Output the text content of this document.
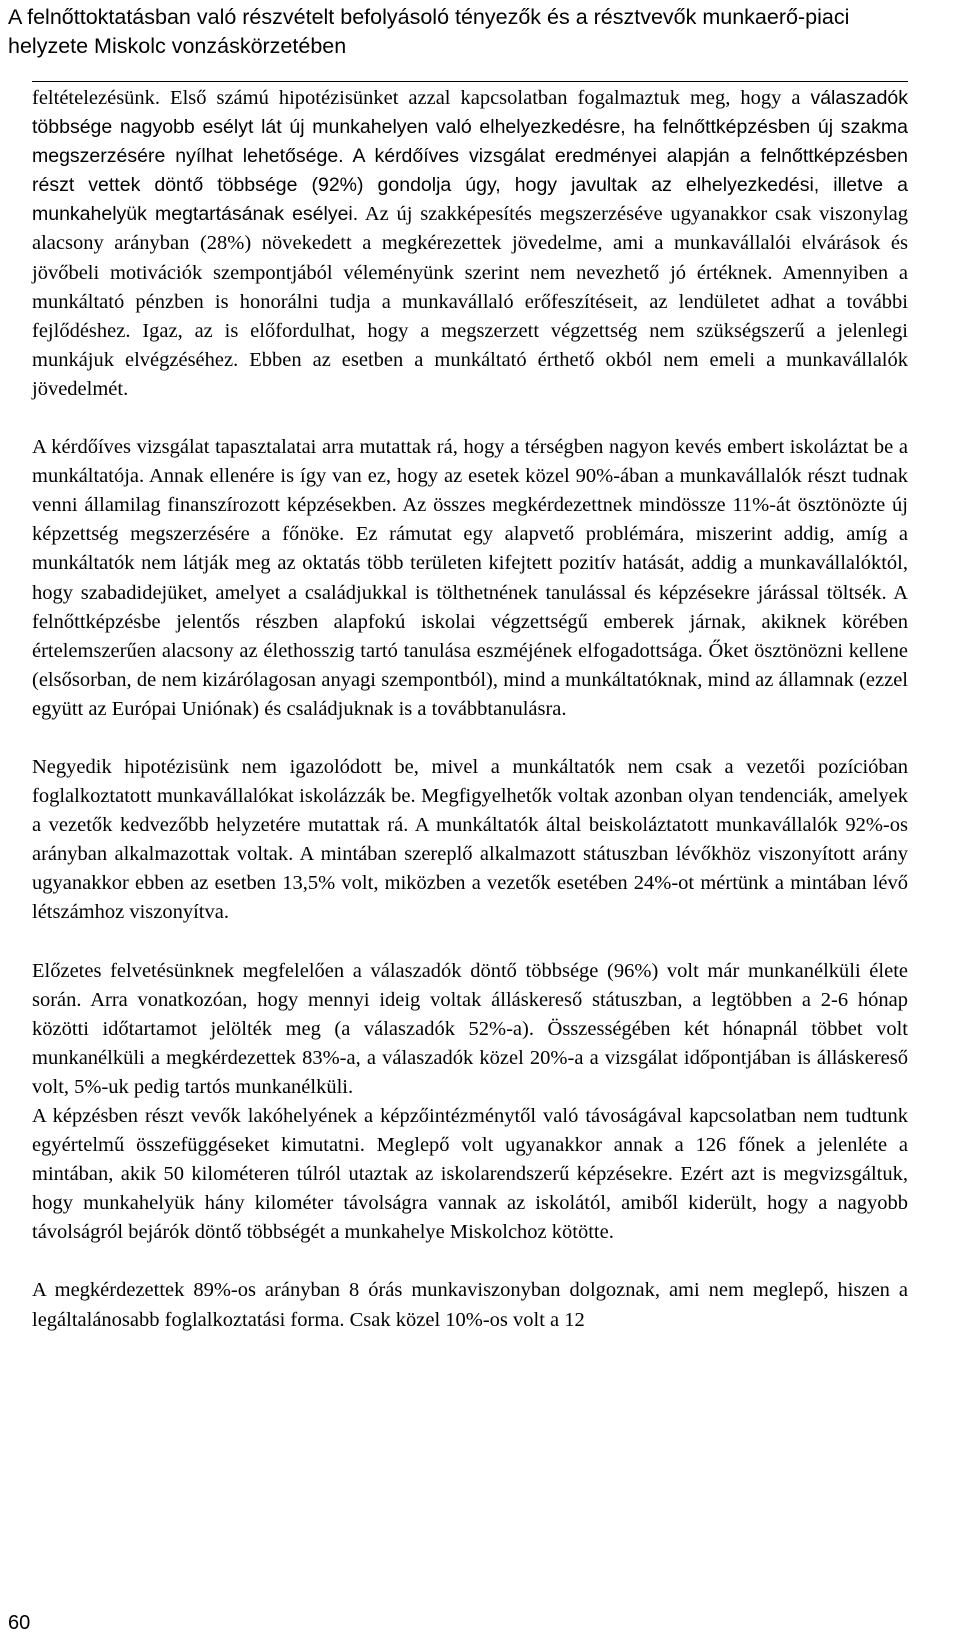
A felnőttoktatásban való részvételt befolyásoló tényezők és a résztvevők munkaerő-piaci helyzete Miskolc vonzáskörzetében

feltételezésünk. Első számú hipotézisünket azzal kapcsolatban fogalmaztuk meg, hogy a válaszadók többsége nagyobb esélyt lát új munkahelyen való elhelyezkedésre, ha felnőttképzésben új szakma megszerzésére nyílhat lehetősége. A kérdőíves vizsgálat eredményei alapján a felnőttképzésben részt vettek döntő többsége (92%) gondolja úgy, hogy javultak az elhelyezkedési, illetve a munkahelyük megtartásának esélyei. Az új szakképesítés megszerzéséve ugyanakkor csak viszonylag alacsony arányban (28%) növekedett a megkérezettek jövedelme, ami a munkavállalói elvárások és jövőbeli motivációk szempontjából véleményünk szerint nem nevezhető jó értéknek. Amennyiben a munkáltató pénzben is honorálni tudja a munkavállaló erőfeszítéseit, az lendületet adhat a további fejlődéshez. Igaz, az is előfordulhat, hogy a megszerzett végzettség nem szükségszerű a jelenlegi munkájuk elvégzéséhez. Ebben az esetben a munkáltató érthető okból nem emeli a munkavállalók jövedelmét.

A kérdőíves vizsgálat tapasztalatai arra mutattak rá, hogy a térségben nagyon kevés embert iskoláztat be a munkáltatója. Annak ellenére is így van ez, hogy az esetek közel 90%-ában a munkavállalók részt tudnak venni államilag finanszírozott képzésekben. Az összes megkérdezettnek mindössze 11%-át ösztönözte új képzettség megszerzésére a főnöke. Ez rámutat egy alapvető problémára, miszerint addig, amíg a munkáltatók nem látják meg az oktatás több területen kifejtett pozitív hatását, addig a munkavállalóktól, hogy szabadidejüket, amelyet a családjukkal is tölthetnének tanulással és képzésekre járással töltsék. A felnőttképzésbe jelentős részben alapfokú iskolai végzettségű emberek járnak, akiknek körében értelemszerűen alacsony az élethosszig tartó tanulása eszméjének elfogadottsága. Őket ösztönözni kellene (elsősorban, de nem kizárólagosan anyagi szempontból), mind a munkáltatóknak, mind az államnak (ezzel együtt az Európai Uniónak) és családjuknak is a továbbtanulásra.

Negyedik hipotézisünk nem igazolódott be, mivel a munkáltatók nem csak a vezetői pozícióban foglalkoztatott munkavállalókat iskolázzák be. Megfigyelhetők voltak azonban olyan tendenciák, amelyek a vezetők kedvezőbb helyzetére mutattak rá. A munkáltatók által beiskoláztatott munkavállalók 92%-os arányban alkalmazottak voltak. A mintában szereplő alkalmazott státuszban lévőkhöz viszonyított arány ugyanakkor ebben az esetben 13,5% volt, miközben a vezetők esetében 24%-ot mértünk a mintában lévő létszámhoz viszonyítva.

Előzetes felvetésünknek megfelelően a válaszadók döntő többsége (96%) volt már munkanélküli élete során. Arra vonatkozóan, hogy mennyi ideig voltak álláskereső státuszban, a legtöbben a 2-6 hónap közötti időtartamot jelölték meg (a válaszadók 52%-a). Összességében két hónapnál többet volt munkanélküli a megkérdezettek 83%-a, a válaszadók közel 20%-a a vizsgálat időpontjában is álláskereső volt, 5%-uk pedig tartós munkanélküli.

A képzésben részt vevők lakóhelyének a képzőintézménytől való távoságával kapcsolatban nem tudtunk egyértelmű összefüggéseket kimutatni. Meglepő volt ugyanakkor annak a 126 főnek a jelenléte a mintában, akik 50 kilométeren túlról utaztak az iskolarendszerű képzésekre. Ezért azt is megvizsgáltuk, hogy munkahelyük hány kilométer távolságra vannak az iskolától, amiből kiderült, hogy a nagyobb távolságról bejárók döntő többségét a munkahelye Miskolchoz kötötte.

A megkérdezettek 89%-os arányban 8 órás munkaviszonyban dolgoznak, ami nem meglepő, hiszen a legáltalánosabb foglalkoztatási forma. Csak közel 10%-os volt a 12

60
